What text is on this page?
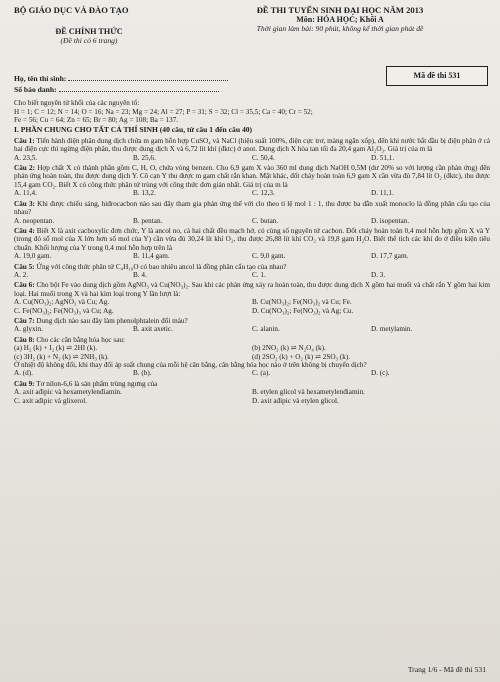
BỘ GIÁO DỤC VÀ ĐÀO TẠO
ĐỀ CHÍNH THỨC
(Đề thi có 6 trang)
ĐỀ THI TUYỂN SINH ĐẠI HỌC NĂM 2013
Môn: HÓA HỌC; Khối A
Thời gian làm bài: 90 phút, không kể thời gian phát đề
Mã đề thi 531
Họ, tên thí sinh:
Số báo danh:
Cho biết nguyên tử khối của các nguyên tố:
H = 1; C = 12; N = 14; O = 16; Na = 23; Mg = 24; Al = 27; P = 31; S = 32; Cl = 35,5; Ca = 40; Cr = 52;
Fe = 56; Cu = 64; Zn = 65; Br = 80; Ag = 108; Ba = 137.
I. PHẦN CHUNG CHO TẤT CẢ THÍ SINH (40 câu, từ câu 1 đến câu 40)
Câu 1: Tiến hành điện phân dung dịch chứa m gam hỗn hợp CuSO₄ và NaCl (hiệu suất 100%, điện cực trơ, màng ngăn xốp), đến khi nước bắt đầu bị điện phân ở cả hai điện cực thì ngừng điện phân, thu được dung dịch X và 6,72 lít khí (đktc) ở anot. Dung dịch X hòa tan tối đa 20,4 gam Al₂O₃. Giá trị của m là
A. 23,5.	B. 25,6.	C. 50,4.	D. 51,1.
Câu 2: Hợp chất X có thành phần gồm C, H, O, chứa vòng benzen. Cho 6,9 gam X vào 360 ml dung dịch NaOH 0,5M (dư 20% so với lượng cần phản ứng) đến phản ứng hoàn toàn, thu được dung dịch Y. Cô cạn Y thu được m gam chất rắn khan. Mặt khác, đốt cháy hoàn toàn 6,9 gam X cần vừa đủ 7,84 lít O₂ (đktc), thu được 15,4 gam CO₂. Biết X có công thức phân tử trùng với công thức đơn giản nhất. Giá trị của m là
A. 11,4.	B. 13,2.	C. 12,3.	D. 11,1.
Câu 3: Khi được chiếu sáng, hiđrocacbon nào sau đây tham gia phản ứng thế với clo theo tỉ lệ mol 1 : 1, thu được ba dẫn xuất monoclo là đồng phân cấu tạo của nhau?
A. neopentan.	B. pentan.	C. butan.	D. isopentan.
Câu 4: Biết X là axit cacboxylic đơn chức, Y là ancol no, cả hai chất đều mạch hở, có cùng số nguyên tử cacbon. Đốt cháy hoàn toàn 0,4 mol hỗn hợp gồm X và Y (trong đó số mol của X lớn hơn số mol của Y) cần vừa đủ 30,24 lít khí O₂, thu được 26,88 lít khí CO₂ và 19,8 gam H₂O. Biết thể tích các khí đo ở điều kiện tiêu chuẩn. Khối lượng của Y trong 0,4 mol hỗn hợp trên là
A. 19,0 gam.	B. 11,4 gam.	C. 9,0 gam.	D. 17,7 gam.
Câu 5: Ứng với công thức phân tử C₄H₁₀O có bao nhiêu ancol là đồng phân cấu tạo của nhau?
A. 2.	B. 4.	C. 1.	D. 3.
Câu 6: Cho bột Fe vào dung dịch gồm AgNO₃ và Cu(NO₃)₂. Sau khi các phản ứng xảy ra hoàn toàn, thu được dung dịch X gồm hai muối và chất rắn Y gồm hai kim loại. Hai muối trong X và hai kim loại trong Y lần lượt là:
A. Cu(NO₃)₂; AgNO₃ và Cu; Ag.	B. Cu(NO₃)₂; Fe(NO₃)₂ và Cu; Fe.
C. Fe(NO₃)₂; Fe(NO₃)₃ và Cu; Ag.	D. Cu(NO₃)₂; Fe(NO₃)₂ và Ag; Cu.
Câu 7: Dung dịch nào sau đây làm phenolphtalein đổi màu?
A. glyxin.	B. axit axetic.	C. alanin.	D. metylamin.
Câu 8: Cho các cân bằng hóa học sau:
(a) H₂ (k) + I₂ (k) ⇌ 2HI (k).	(b) 2NO₂ (k) ⇌ N₂O₄ (k).
(c) 3H₂ (k) + N₂ (k) ⇌ 2NH₃ (k).	(d) 2SO₂ (k) + O₂ (k) ⇌ 2SO₃ (k).
Ở nhiệt độ không đổi, khi thay đổi áp suất chung của mỗi hệ cân bằng, cân bằng hóa học nào ở trên không bị chuyển dịch?
A. (d).	B. (b).	C. (a).	D. (c).
Câu 9: Tơ nilon-6,6 là sản phẩm trùng ngưng của
A. axit ađipic và hexametylenđiamin.	B. etylen glicol và hexametylenđiamin.
C. axit ađipic và glixerol.	D. axit ađipic và etylen glicol.
Trang 1/6 - Mã đề thi 531
